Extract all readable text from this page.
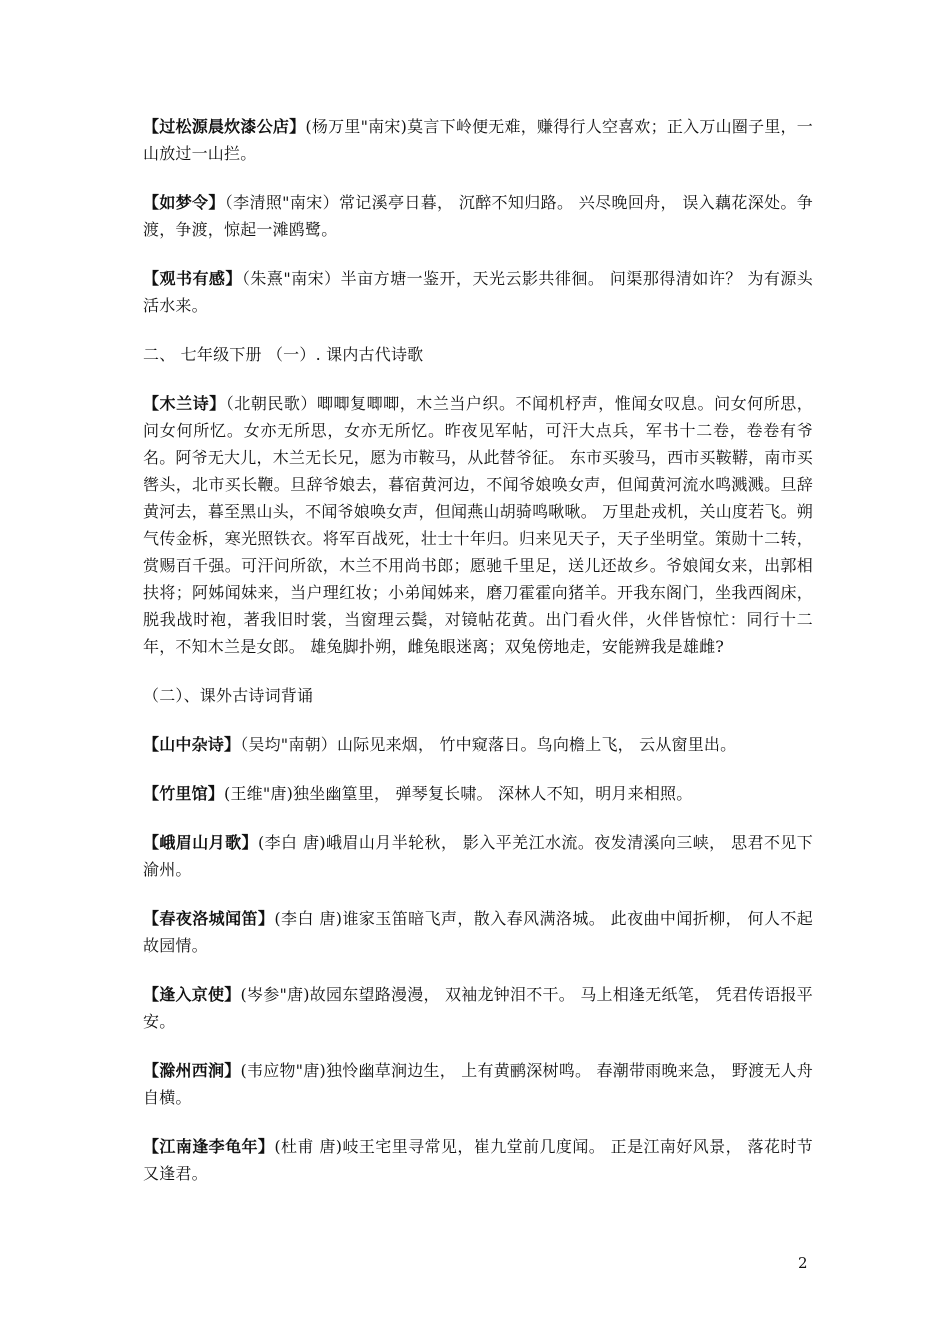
【过松源晨炊漆公店】(杨万里"南宋)莫言下岭便无难，赚得行人空喜欢；正入万山圈子里，一山放过一山拦。

【如梦令】（李清照"南宋）常记溪亭日暮， 沉醉不知归路。 兴尽晚回舟， 误入藕花深处。争渡，争渡，惊起一滩鸥鹭。

【观书有感】（朱熹"南宋）半亩方塘一鉴开，天光云影共徘徊。 问渠那得清如许？ 为有源头活水来。

二、 七年级下册 （一）. 课内古代诗歌

【木兰诗】（北朝民歌）唧唧复唧唧，木兰当户织。不闻机杼声，惟闻女叹息。问女何所思，问女何所忆。女亦无所思，女亦无所忆。昨夜见军帖，可汗大点兵，军书十二卷，卷卷有爷名。阿爷无大儿，木兰无长兄，愿为市鞍马，从此替爷征。 东市买骏马，西市买鞍鞯，南市买辔头，北市买长鞭。旦辞爷娘去，暮宿黄河边，不闻爷娘唤女声，但闻黄河流水鸣溅溅。旦辞黄河去，暮至黑山头，不闻爷娘唤女声，但闻燕山胡骑鸣啾啾。 万里赴戎机，关山度若飞。朔气传金柝，寒光照铁衣。将军百战死，壮士十年归。归来见天子，天子坐明堂。策勋十二转，赏赐百千强。可汗问所欲，木兰不用尚书郎；愿驰千里足，送儿还故乡。爷娘闻女来，出郭相扶将；阿姊闻妹来，当户理红妆；小弟闻姊来，磨刀霍霍向猪羊。开我东阁门，坐我西阁床，脱我战时袍，著我旧时裳，当窗理云鬓，对镜帖花黄。出门看火伴，火伴皆惊忙：同行十二年，不知木兰是女郎。 雄兔脚扑朔，雌兔眼迷离；双兔傍地走，安能辨我是雄雌?

（二）、课外古诗词背诵

【山中杂诗】（吴均"南朝）山际见来烟， 竹中窥落日。鸟向檐上飞， 云从窗里出。

【竹里馆】(王维"唐)独坐幽篁里， 弹琴复长啸。 深林人不知，明月来相照。

【峨眉山月歌】(李白 唐)峨眉山月半轮秋， 影入平羌江水流。夜发清溪向三峡， 思君不见下渝州。

【春夜洛城闻笛】(李白 唐)谁家玉笛暗飞声，散入春风满洛城。 此夜曲中闻折柳， 何人不起故园情。

【逢入京使】(岑参"唐)故园东望路漫漫， 双袖龙钟泪不干。 马上相逢无纸笔， 凭君传语报平安。

【滁州西涧】(韦应物"唐)独怜幽草涧边生， 上有黄鹂深树鸣。 春潮带雨晚来急， 野渡无人舟自横。

【江南逢李龟年】(杜甫 唐)岐王宅里寻常见，崔九堂前几度闻。 正是江南好风景， 落花时节又逢君。

2
